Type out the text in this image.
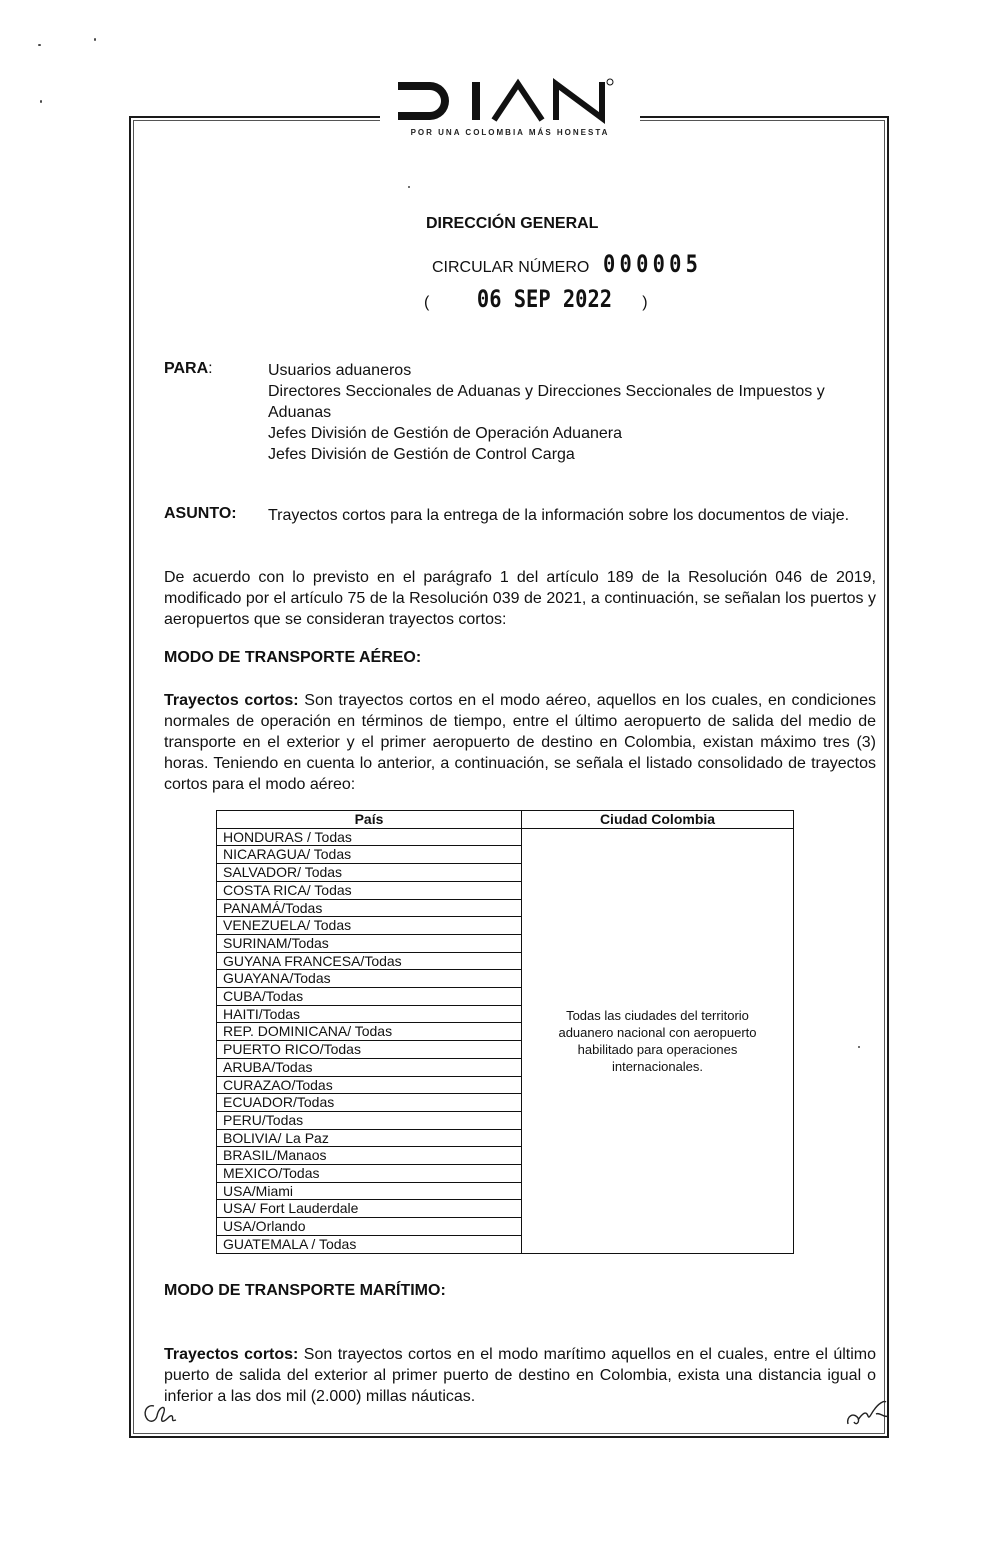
POR UNA COLOMBIA MÁS HONESTA
DIRECCIÓN GENERAL
CIRCULAR NÚMERO 000005
( 06 SEP 2022 )
PARA:	Usuarios aduaneros
Directores Seccionales de Aduanas y Direcciones Seccionales de Impuestos y Aduanas
Jefes División de Gestión de Operación Aduanera
Jefes División de Gestión de Control Carga
ASUNTO: Trayectos cortos para la entrega de la información sobre los documentos de viaje.
De acuerdo con lo previsto en el parágrafo 1 del artículo 189 de la Resolución 046 de 2019, modificado por el artículo 75 de la Resolución 039 de 2021, a continuación, se señalan los puertos y aeropuertos que se consideran trayectos cortos:
MODO DE TRANSPORTE AÉREO:
Trayectos cortos: Son trayectos cortos en el modo aéreo, aquellos en los cuales, en condiciones normales de operación en términos de tiempo, entre el último aeropuerto de salida del medio de transporte en el exterior y el primer aeropuerto de destino en Colombia, existan máximo tres (3) horas. Teniendo en cuenta lo anterior, a continuación, se señala el listado consolidado de trayectos cortos para el modo aéreo:
País	Ciudad Colombia
HONDURAS / Todas	Todas las ciudades del territorio aduanero nacional con aeropuerto habilitado para operaciones internacionales.
NICARAGUA/ Todas	
SALVADOR/ Todas	
COSTA RICA/ Todas	
PANAMÁ/Todas	
VENEZUELA/ Todas	
SURINAM/Todas	
GUYANA FRANCESA/Todas	
GUAYANA/Todas	
CUBA/Todas	
HAITI/Todas	
REP. DOMINICANA/ Todas	
PUERTO RICO/Todas	
ARUBA/Todas	
CURAZAO/Todas	
ECUADOR/Todas	
PERU/Todas	
BOLIVIA/ La Paz	
BRASIL/Manaos	
MEXICO/Todas	
USA/Miami	
USA/ Fort Lauderdale	
USA/Orlando	
GUATEMALA / Todas	
MODO DE TRANSPORTE MARÍTIMO:
Trayectos cortos: Son trayectos cortos en el modo marítimo aquellos en el cuales, entre el último puerto de salida del exterior al primer puerto de destino en Colombia, exista una distancia igual o inferior a las dos mil (2.000) millas náuticas.
